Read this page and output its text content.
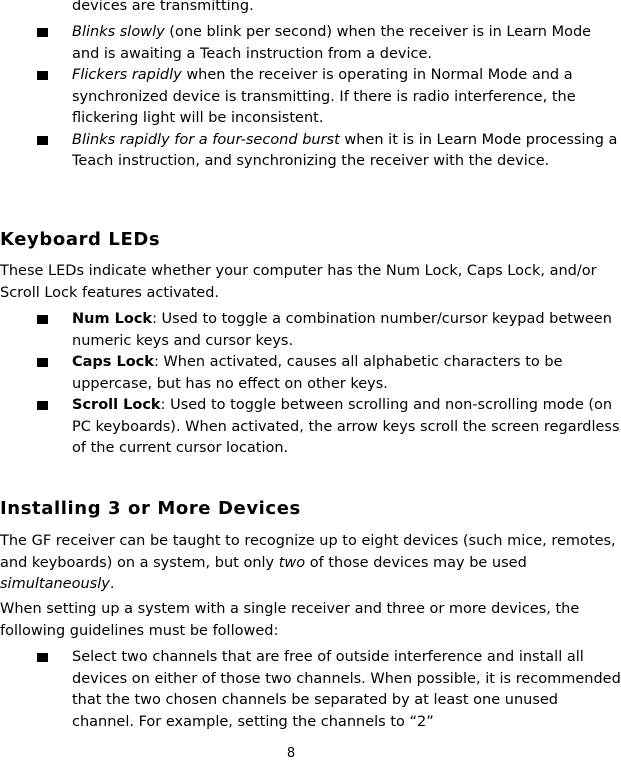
devices are transmitting.

Blinks slowly (one blink per second) when the receiver is in Learn Mode and is awaiting a Teach instruction from a device.
Flickers rapidly when the receiver is operating in Normal Mode and a synchronized device is transmitting. If there is radio interference, the flickering light will be inconsistent.
Blinks rapidly for a four-second burst when it is in Learn Mode processing a Teach instruction, and synchronizing the receiver with the device.
Keyboard LEDs

These LEDs indicate whether your computer has the Num Lock, Caps Lock, and/or Scroll Lock features activated.

Num Lock: Used to toggle a combination number/cursor keypad between numeric keys and cursor keys.
Caps Lock: When activated, causes all alphabetic characters to be uppercase, but has no effect on other keys.
Scroll Lock: Used to toggle between scrolling and non-scrolling mode (on PC keyboards). When activated, the arrow keys scroll the screen regardless of the current cursor location.
Installing 3 or More Devices

The GF receiver can be taught to recognize up to eight devices (such mice, remotes, and keyboards) on a system, but only two of those devices may be used simultaneously.

When setting up a system with a single receiver and three or more devices, the following guidelines must be followed:

Select two channels that are free of outside interference and install all devices on either of those two channels. When possible, it is recommended that the two chosen channels be separated by at least one unused channel. For example, setting the channels to “2”
8
